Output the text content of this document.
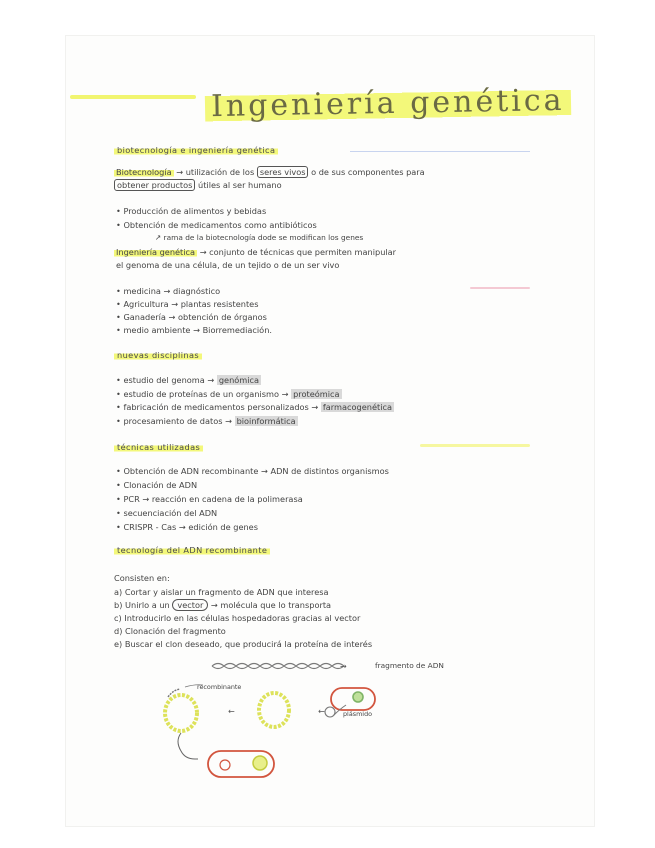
Ingeniería genética
biotecnología e ingeniería genética
Biotecnología → utilización de los seres vivos o de sus componentes para
obtener productos útiles al ser humano
• Producción de alimentos y bebidas
• Obtención de medicamentos como antibióticos
↗ rama de la biotecnología dode se modifican los genes
Ingeniería genética → conjunto de técnicas que permiten manipular
el genoma de una célula, de un tejido o de un ser vivo
• medicina → diagnóstico
• Agricultura → plantas resistentes
• Ganadería → obtención de órganos
• medio ambiente → Biorremediación.
nuevas disciplinas
• estudio del genoma → genómica
• estudio de proteínas de un organismo → proteómica
• fabricación de medicamentos personalizados → farmacogenética
• procesamiento de datos → bioinformática
técnicas utilizadas
• Obtención de ADN recombinante → ADN de distintos organismos
• Clonación de ADN
• PCR → reacción en cadena de la polimerasa
• secuenciación del ADN
• CRISPR - Cas → edición de genes
tecnología del ADN recombinante
Consisten en:
a) Cortar y aislar un fragmento de ADN que interesa
b) Unirlo a un vector → molécula que lo transporta
c) Introducirlo en las células hospedadoras gracias al vector
d) Clonación del fragmento
e) Buscar el clon deseado, que producirá la proteína de interés
→
←
←
fragmento de ADN
recombinante
plásmido
